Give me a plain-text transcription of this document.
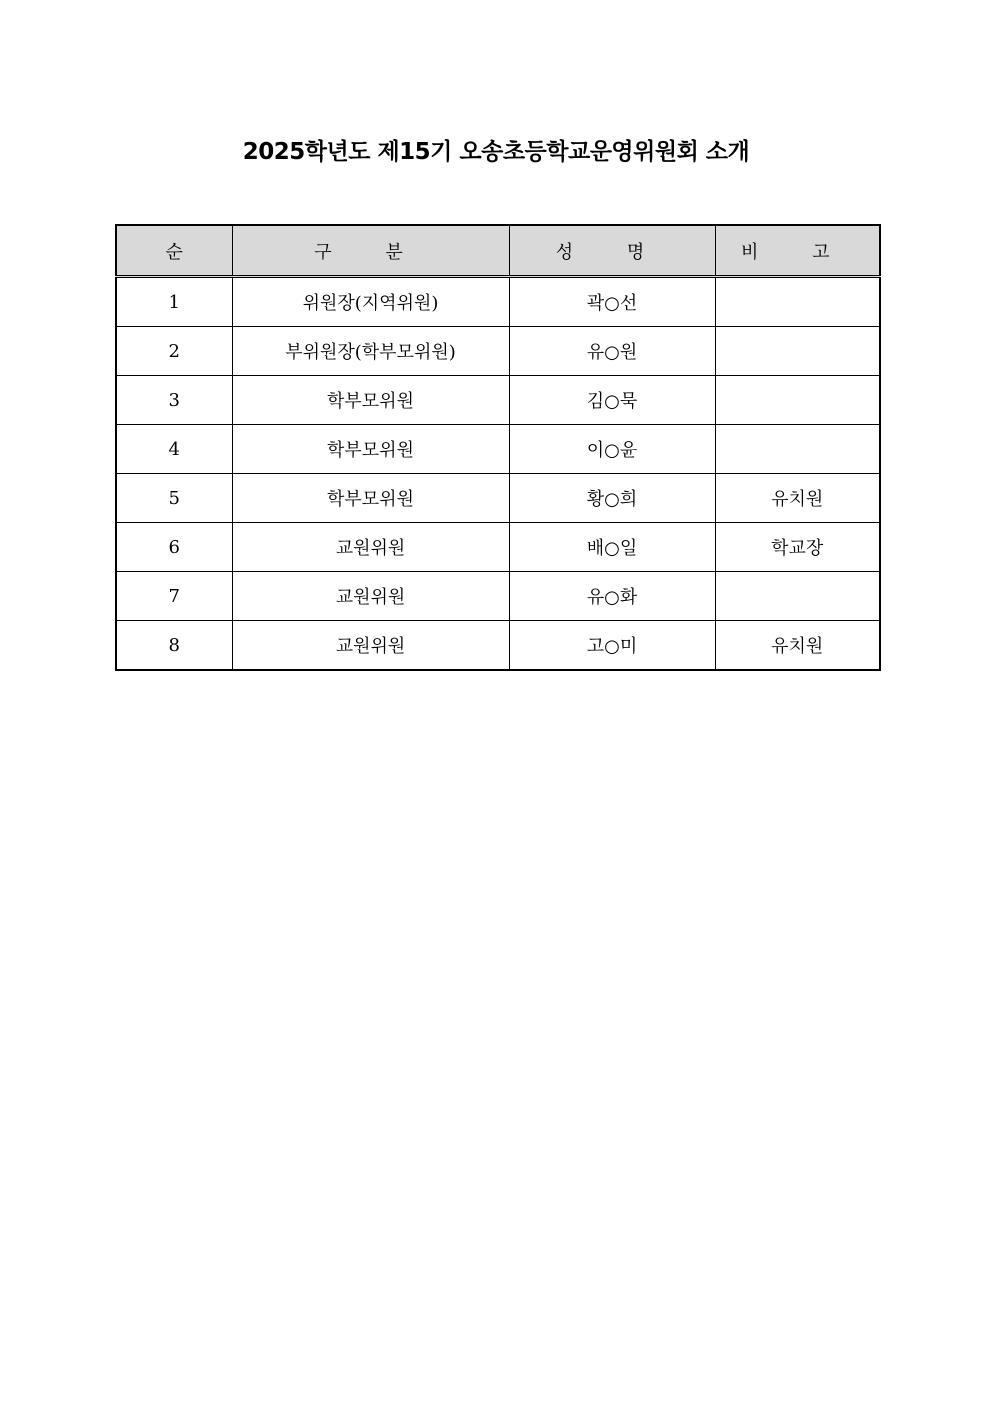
2025학년도 제15기 오송초등학교운영위원회 소개
순	구 분	성 명	비 고
1	위원장(지역위원)	곽○선	
2	부위원장(학부모위원)	유○원	
3	학부모위원	김○묵	
4	학부모위원	이○윤	
5	학부모위원	황○희	유치원
6	교원위원	배○일	학교장
7	교원위원	유○화	
8	교원위원	고○미	유치원
